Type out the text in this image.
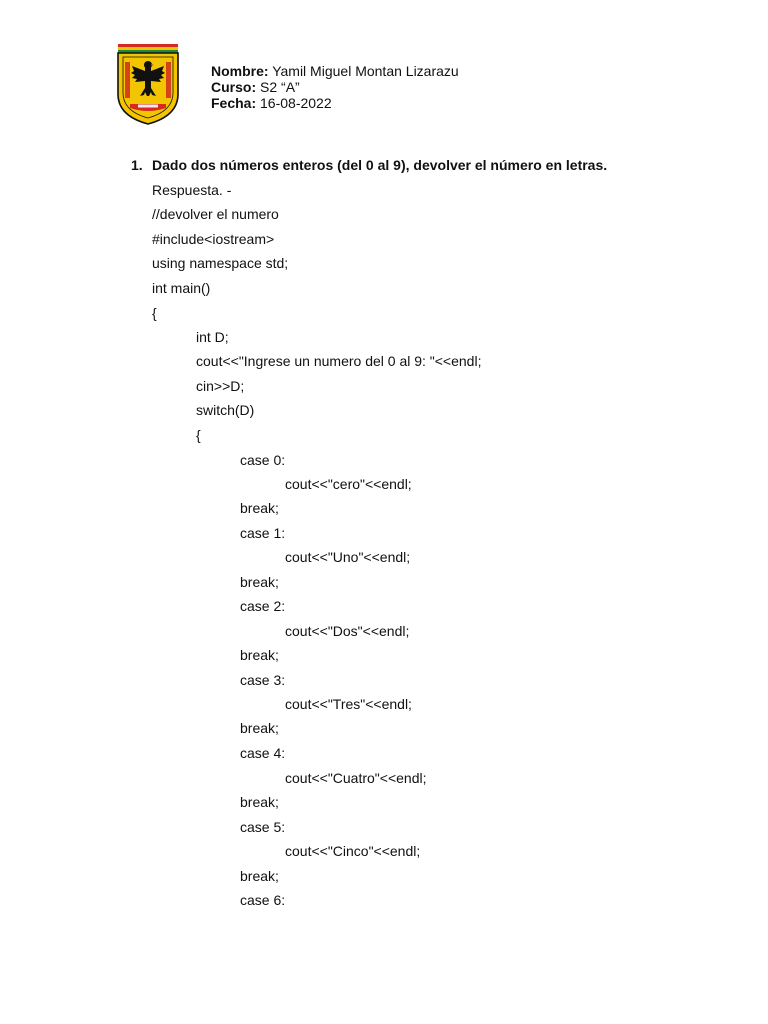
Nombre: Yamil Miguel Montan Lizarazu
Curso: S2 “A”
Fecha: 16-08-2022
1. Dado dos números enteros (del 0 al 9), devolver el número en letras.
Respuesta. -
//devolver el numero
#include<iostream>
using namespace std;
int main()
{
int D;
cout<<"Ingrese un numero del 0 al 9: "<<endl;
cin>>D;
switch(D)
{
case 0:
cout<<"cero"<<endl;
break;
case 1:
cout<<"Uno"<<endl;
break;
case 2:
cout<<"Dos"<<endl;
break;
case 3:
cout<<"Tres"<<endl;
break;
case 4:
cout<<"Cuatro"<<endl;
break;
case 5:
cout<<"Cinco"<<endl;
break;
case 6:
